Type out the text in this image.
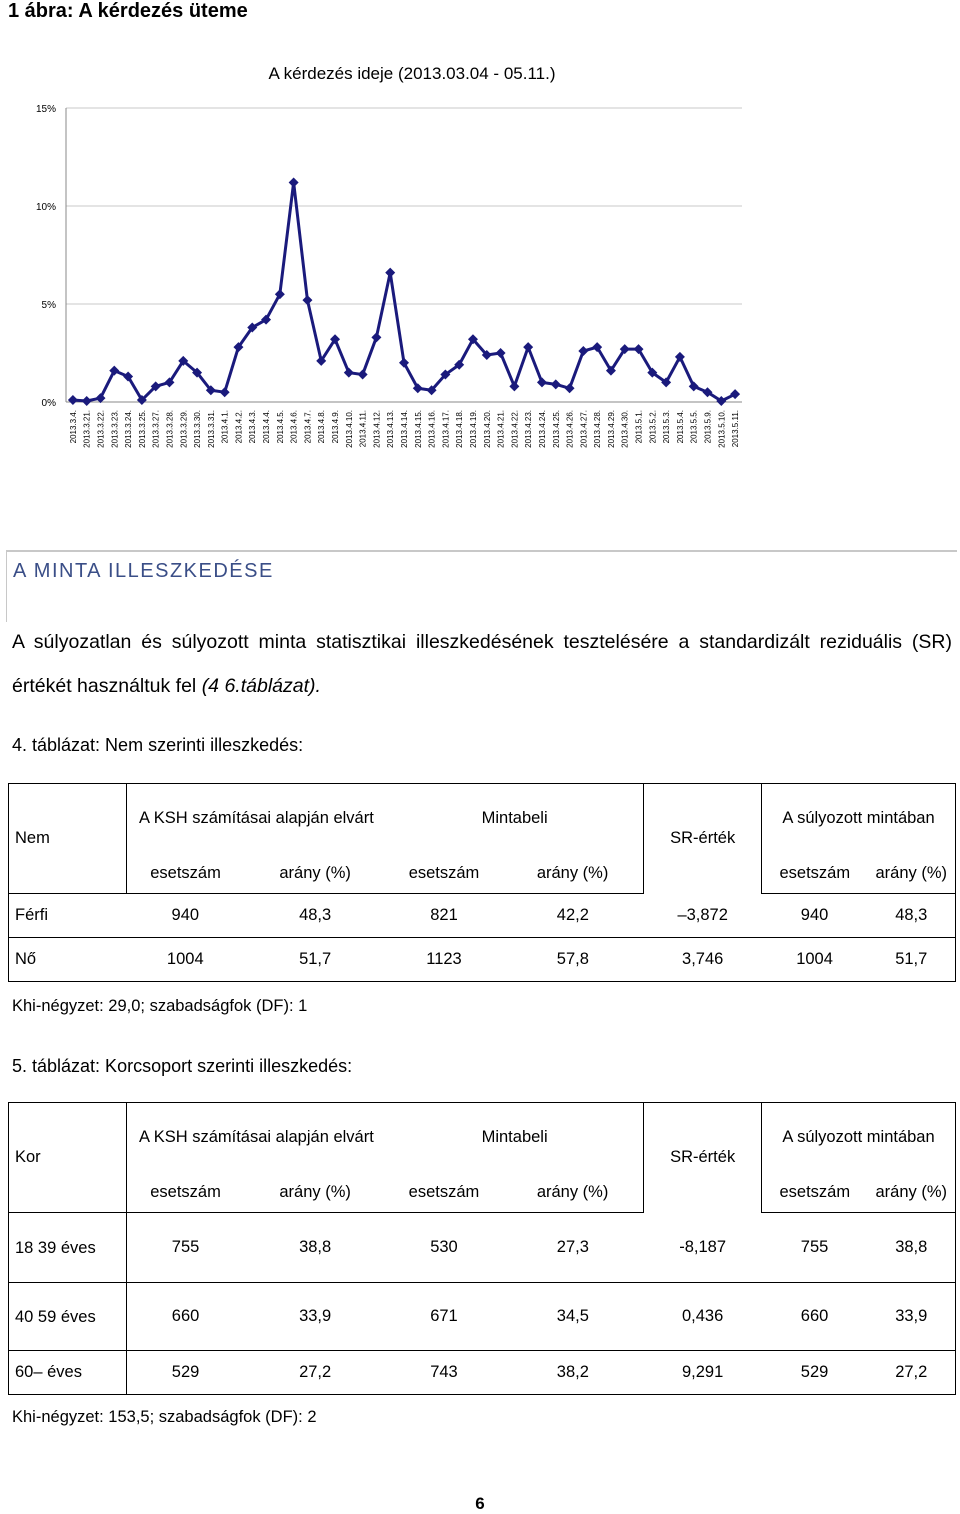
1 ábra: A kérdezés üteme
A kérdezés ideje (2013.03.04 - 05.11.)
0%
5%
10%
15%
2013.3.4. 2013.3.21. 2013.3.22. 2013.3.23. 2013.3.24. 2013.3.25. 2013.3.27. 2013.3.28. 2013.3.29. 2013.3.30. 2013.3.31. 2013.4.1. 2013.4.2. 2013.4.3. 2013.4.4. 2013.4.5. 2013.4.6. 2013.4.7. 2013.4.8. 2013.4.9. 2013.4.10. 2013.4.11. 2013.4.12. 2013.4.13. 2013.4.14. 2013.4.15. 2013.4.16. 2013.4.17. 2013.4.18. 2013.4.19. 2013.4.20. 2013.4.21. 2013.4.22. 2013.4.23. 2013.4.24. 2013.4.25. 2013.4.26. 2013.4.27. 2013.4.28. 2013.4.29. 2013.4.30. 2013.5.1. 2013.5.2. 2013.5.3. 2013.5.4. 2013.5.5. 2013.5.9. 2013.5.10. 2013.5.11.
A MINTA ILLESZKEDÉSE
A súlyozatlan és súlyozott minta statisztikai illeszkedésének tesztelésére a standardizált reziduális (SR) értékét használtuk fel (4 6.táblázat).
4. táblázat: Nem szerinti illeszkedés:
Nem	A KSH számításai alapján elvárt		Mintabeli		SR-érték	A súlyozott mintában	
	esetszám	arány (%)	esetszám	arány (%)		esetszám	arány (%)
Férfi	940	48,3	821	42,2	–3,872	940	48,3
Nő	1004	51,7	1123	57,8	3,746	1004	51,7
Khi-négyzet: 29,0; szabadságfok (DF): 1
5. táblázat: Korcsoport szerinti illeszkedés:
Kor	A KSH számításai alapján elvárt		Mintabeli		SR-érték	A súlyozott mintában	
	esetszám	arány (%)	esetszám	arány (%)		esetszám	arány (%)
18 39 éves	755	38,8	530	27,3	-8,187	755	38,8
40 59 éves	660	33,9	671	34,5	0,436	660	33,9
60– éves	529	27,2	743	38,2	9,291	529	27,2
Khi-négyzet: 153,5; szabadságfok (DF): 2
6
